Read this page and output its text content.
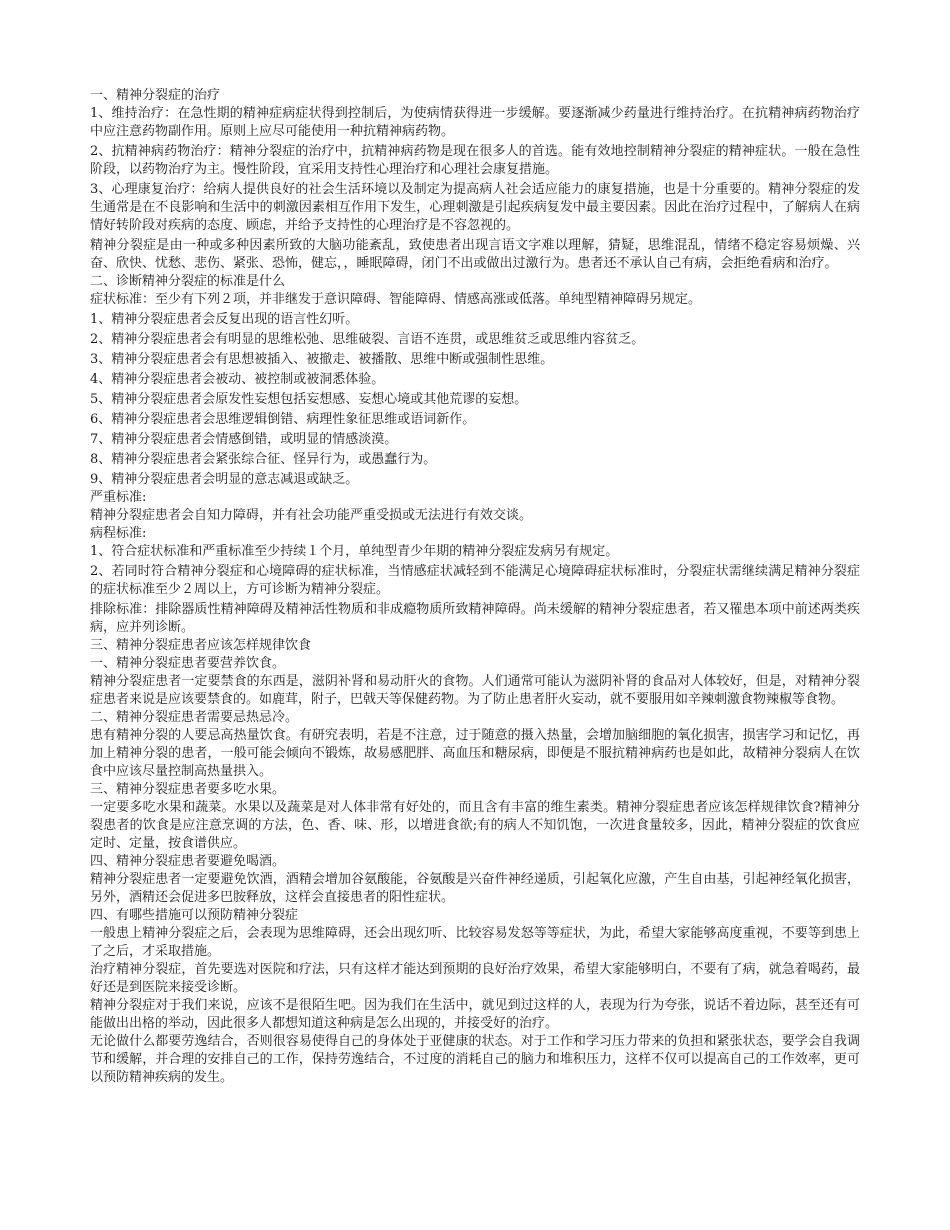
一、精神分裂症的治疗

1、维持治疗：在急性期的精神症病症状得到控制后，为使病情获得进一步缓解。要逐渐减少药量进行维持治疗。在抗精神病药物治疗中应注意药物副作用。原则上应尽可能使用一种抗精神病药物。

2、抗精神病药物治疗：精神分裂症的治疗中，抗精神病药物是现在很多人的首选。能有效地控制精神分裂症的精神症状。一般在急性阶段，以药物治疗为主。慢性阶段，宜采用支持性心理治疗和心理社会康复措施。

3、心理康复治疗：给病人提供良好的社会生活环境以及制定为提高病人社会适应能力的康复措施，也是十分重要的。精神分裂症的发生通常是在不良影响和生活中的刺激因素相互作用下发生，心理刺激是引起疾病复发中最主要因素。因此在治疗过程中，了解病人在病情好转阶段对疾病的态度、顾虑，并给予支持性的心理治疗是不容忽视的。

精神分裂症是由一种或多种因素所致的大脑功能紊乱，致使患者出现言语文字难以理解，猜疑，思维混乱，情绪不稳定容易烦燥、兴奋、欣快、忧愁、悲伤、紧张、恐怖，健忘，，睡眠障碍，闭门不出或做出过激行为。患者还不承认自己有病，会拒绝看病和治疗。

二、诊断精神分裂症的标准是什么

症状标准：至少有下列２项，并非继发于意识障碍、智能障碍、情感高涨或低落。单纯型精神障碍另规定。

1、精神分裂症患者会反复出现的语言性幻听。

2、精神分裂症患者会有明显的思维松弛、思维破裂、言语不连贯，或思维贫乏或思维内容贫乏。

3、精神分裂症患者会有思想被插入、被撤走、被播散、思维中断或强制性思维。

4、精神分裂症患者会被动、被控制或被洞悉体验。

5、精神分裂症患者会原发性妄想包括妄想感、妄想心境或其他荒谬的妄想。

6、精神分裂症患者会思维逻辑倒错、病理性象征思维或语词新作。

7、精神分裂症患者会情感倒错，或明显的情感淡漠。

8、精神分裂症患者会紧张综合征、怪异行为，或愚蠢行为。

9、精神分裂症患者会明显的意志减退或缺乏。

严重标准:

精神分裂症患者会自知力障碍，并有社会功能严重受损或无法进行有效交谈。

病程标准:

1、符合症状标准和严重标准至少持续１个月，单纯型青少年期的精神分裂症发病另有规定。

2、若同时符合精神分裂症和心境障碍的症状标准，当情感症状减轻到不能满足心境障碍症状标准时，分裂症状需继续满足精神分裂症的症状标准至少２周以上，方可诊断为精神分裂症。

排除标准：排除器质性精神障碍及精神活性物质和非成瘾物质所致精神障碍。尚未缓解的精神分裂症患者，若又罹患本项中前述两类疾病，应并列诊断。

三、精神分裂症患者应该怎样规律饮食

一、精神分裂症患者要营养饮食。

精神分裂症患者一定要禁食的东西是，滋阴补肾和易动肝火的食物。人们通常可能认为滋阴补肾的食品对人体较好，但是，对精神分裂症患者来说是应该要禁食的。如鹿茸，附子，巴戟天等保健药物。为了防止患者肝火妄动，就不要服用如辛辣刺激食物辣椒等食物。

二、精神分裂症患者需要忌热忌冷。

患有精神分裂的人要忌高热量饮食。有研究表明，若是不注意，过于随意的摄入热量，会增加脑细胞的氧化损害，损害学习和记忆，再加上精神分裂的患者，一般可能会倾向不锻炼，故易感肥胖、高血压和糖尿病，即便是不服抗精神病药也是如此，故精神分裂病人在饮食中应该尽量控制高热量拱入。

三、精神分裂症患者要多吃水果。

一定要多吃水果和蔬菜。水果以及蔬菜是对人体非常有好处的，而且含有丰富的维生素类。精神分裂症患者应该怎样规律饮食?精神分裂患者的饮食是应注意烹调的方法，色、香、味、形，以增进食欲;有的病人不知饥饱，一次进食量较多，因此，精神分裂症的饮食应定时、定量，按食谱供应。

四、精神分裂症患者要避免喝酒。

精神分裂症患者一定要避免饮酒，酒精会增加谷氨酸能，谷氨酸是兴奋件神经递质，引起氧化应激，产生自由基，引起神经氧化损害，另外，酒精还会促进多巴胺释放，这样会直接患者的阳性症状。

四、有哪些措施可以预防精神分裂症

一般患上精神分裂症之后，会表现为思维障碍，还会出现幻听、比较容易发怒等等症状，为此，希望大家能够高度重视，不要等到患上了之后，才采取措施。

治疗精神分裂症，首先要选对医院和疗法，只有这样才能达到预期的良好治疗效果，希望大家能够明白，不要有了病，就急着喝药，最好还是到医院来接受诊断。

精神分裂症对于我们来说，应该不是很陌生吧。因为我们在生活中，就见到过这样的人，表现为行为夸张，说话不着边际，甚至还有可能做出出格的举动，因此很多人都想知道这种病是怎么出现的，并接受好的治疗。

无论做什么都要劳逸结合，否则很容易使得自己的身体处于亚健康的状态。对于工作和学习压力带来的负担和紧张状态，要学会自我调节和缓解，并合理的安排自己的工作，保持劳逸结合，不过度的消耗自己的脑力和堆积压力，这样不仅可以提高自己的工作效率，更可以预防精神疾病的发生。
